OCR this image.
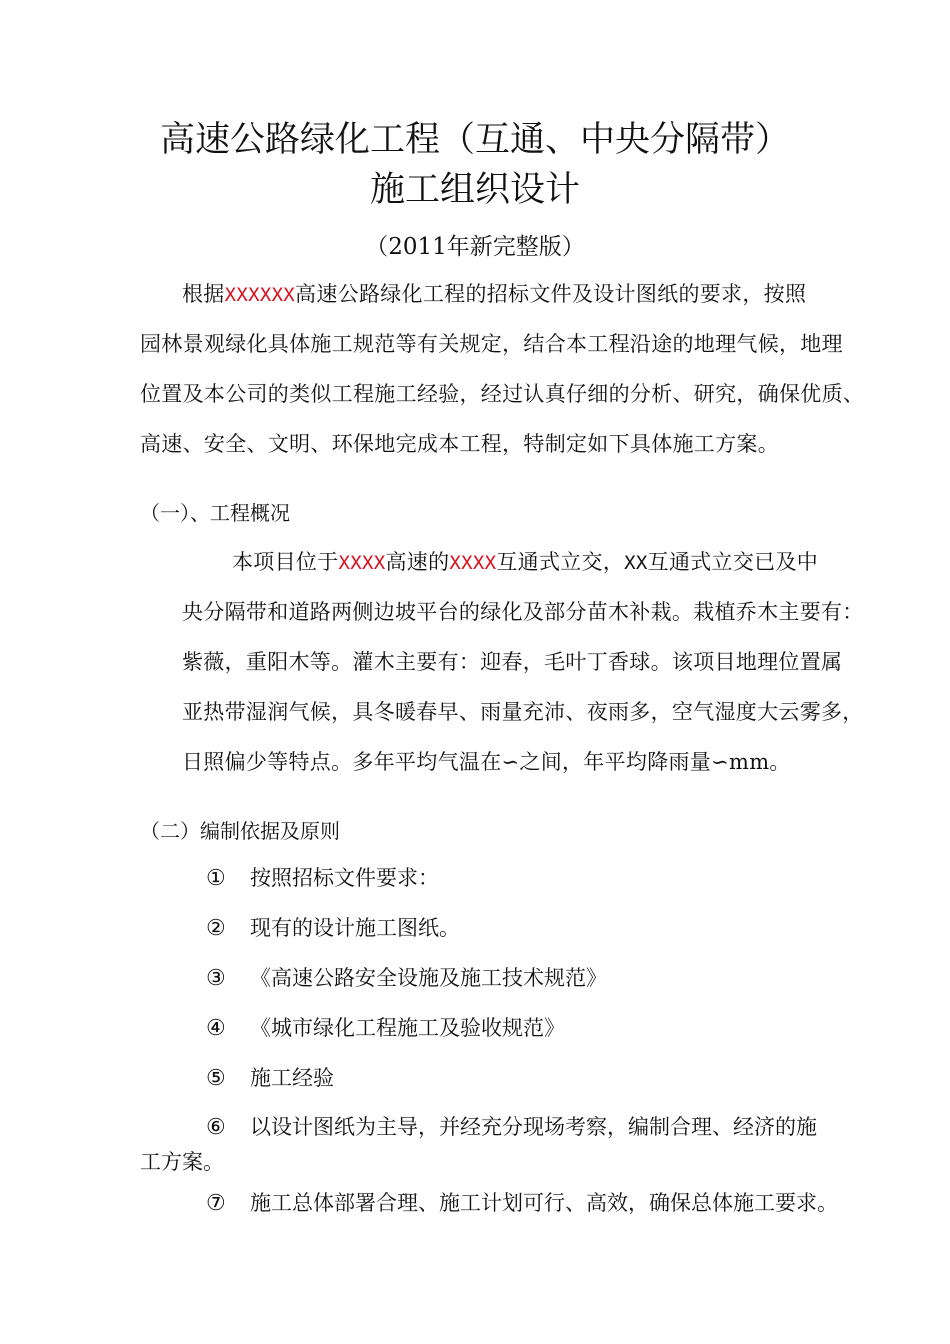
高速公路绿化工程（互通、中央分隔带）
施工组织设计
（2011年新完整版）
根据XXXXXX高速公路绿化工程的招标文件及设计图纸的要求，按照
园林景观绿化具体施工规范等有关规定，结合本工程沿途的地理气候，地理
位置及本公司的类似工程施工经验，经过认真仔细的分析、研究，确保优质、
高速、安全、文明、环保地完成本工程，特制定如下具体施工方案。
（一）、工程概况
本项目位于XXXX高速的XXXX互通式立交，XX互通式立交已及中
央分隔带和道路两侧边坡平台的绿化及部分苗木补栽。栽植乔木主要有：
紫薇，重阳木等。灌木主要有：迎春，毛叶丁香球。该项目地理位置属
亚热带湿润气候，具冬暖春早、雨量充沛、夜雨多，空气湿度大云雾多，
日照偏少等特点。多年平均气温在∽之间，年平均降雨量∽mm。
（二）编制依据及原则
① 按照招标文件要求：
② 现有的设计施工图纸。
③ 《高速公路安全设施及施工技术规范》
④ 《城市绿化工程施工及验收规范》
⑤ 施工经验
⑥ 以设计图纸为主导，并经充分现场考察，编制合理、经济的施
工方案。
⑦ 施工总体部署合理、施工计划可行、高效，确保总体施工要求。
